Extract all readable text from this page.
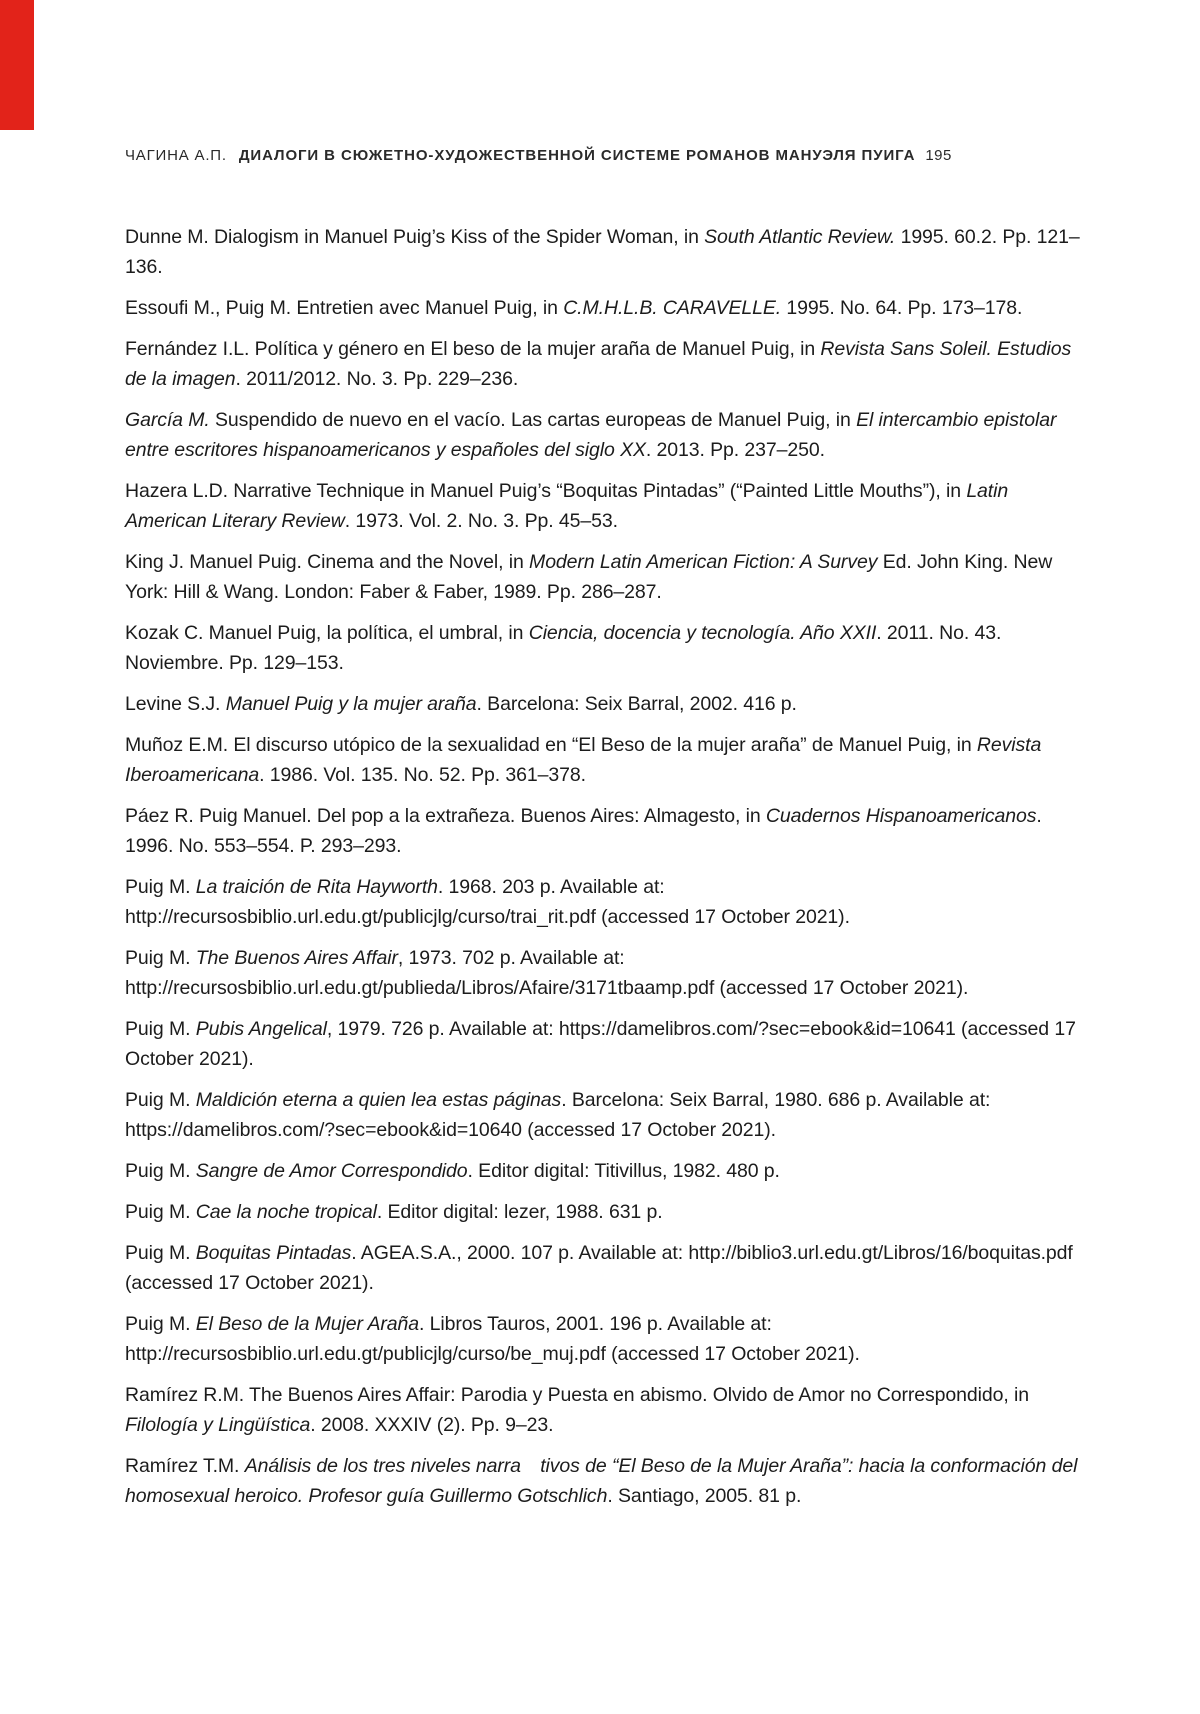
ЧАГИНА А.П. ДИАЛОГИ В СЮЖЕТНО-ХУДОЖЕСТВЕННОЙ СИСТЕМЕ РОМАНОВ МАНУЭЛЯ ПУИГА 195

Dunne M. Dialogism in Manuel Puig’s Kiss of the Spider Woman, in South Atlantic Review. 1995. 60.2. Pp. 121–136.

Essoufi M., Puig M. Entretien avec Manuel Puig, in C.M.H.L.B. CARAVELLE. 1995. No. 64. Pp. 173–178.

Fernández I.L. Política y género en El beso de la mujer araña de Manuel Puig, in Revista Sans Soleil. Estudios de la imagen. 2011/2012. No. 3. Pp. 229–236.

García M. Suspendido de nuevo en el vacío. Las cartas europeas de Manuel Puig, in El intercambio epistolar entre escritores hispanoamericanos y españoles del siglo XX. 2013. Pp. 237–250.

Hazera L.D. Narrative Technique in Manuel Puig’s “Boquitas Pintadas” (“Painted Little Mouths”), in Latin American Literary Review. 1973. Vol. 2. No. 3. Pp. 45–53.

King J. Manuel Puig. Cinema and the Novel, in Modern Latin American Fiction: A Survey Ed. John King. New York: Hill & Wang. London: Faber & Faber, 1989. Pp. 286–287.

Kozak C. Manuel Puig, la política, el umbral, in Ciencia, docencia y tecnología. Año XXII. 2011. No. 43. Noviembre. Pp. 129–153.

Levine S.J. Manuel Puig y la mujer araña. Barcelona: Seix Barral, 2002. 416 p.

Muñoz E.M. El discurso utópico de la sexualidad en “El Beso de la mujer araña” de Manuel Puig, in Revista Iberoamericana. 1986. Vol. 135. No. 52. Pp. 361–378.

Páez R. Puig Manuel. Del pop a la extrañeza. Buenos Aires: Almagesto, in Cuadernos Hispanoamericanos. 1996. No. 553–554. P. 293–293.

Puig M. La traición de Rita Hayworth. 1968. 203 p. Available at: http://recursosbiblio.url.edu.gt/publicjlg/curso/trai_rit.pdf (accessed 17 October 2021).

Puig M. The Buenos Aires Affair, 1973. 702 p. Available at: http://recursosbiblio.url.edu.gt/publieda/Libros/Afaire/3171tbaamp.pdf (accessed 17 October 2021).

Puig M. Pubis Angelical, 1979. 726 p. Available at: https://damelibros.com/?sec=ebook&id=10641 (accessed 17 October 2021).

Puig M. Maldición eterna a quien lea estas páginas. Barcelona: Seix Barral, 1980. 686 p. Available at: https://damelibros.com/?sec=ebook&id=10640 (accessed 17 October 2021).

Puig M. Sangre de Amor Correspondido. Editor digital: Titivillus, 1982. 480 p.

Puig M. Cae la noche tropical. Editor digital: lezer, 1988. 631 p.

Puig M. Boquitas Pintadas. AGEA.S.A., 2000. 107 p. Available at: http://biblio3.url.edu.gt/Libros/16/boquitas.pdf (accessed 17 October 2021).

Puig M. El Beso de la Mujer Araña. Libros Tauros, 2001. 196 p. Available at: http://recursosbiblio.url.edu.gt/publicjlg/curso/be_muj.pdf (accessed 17 October 2021).

Ramírez R.M. The Buenos Aires Affair: Parodia y Puesta en abismo. Olvido de Amor no Correspondido, in Filología y Lingüística. 2008. XXXIV (2). Pp. 9–23.

Ramírez T.M. Análisis de los tres niveles narra  tivos de “El Beso de la Mujer Araña”: hacia la conformación del homosexual heroico. Profesor guía Guillermo Gotschlich. Santiago, 2005. 81 p.
